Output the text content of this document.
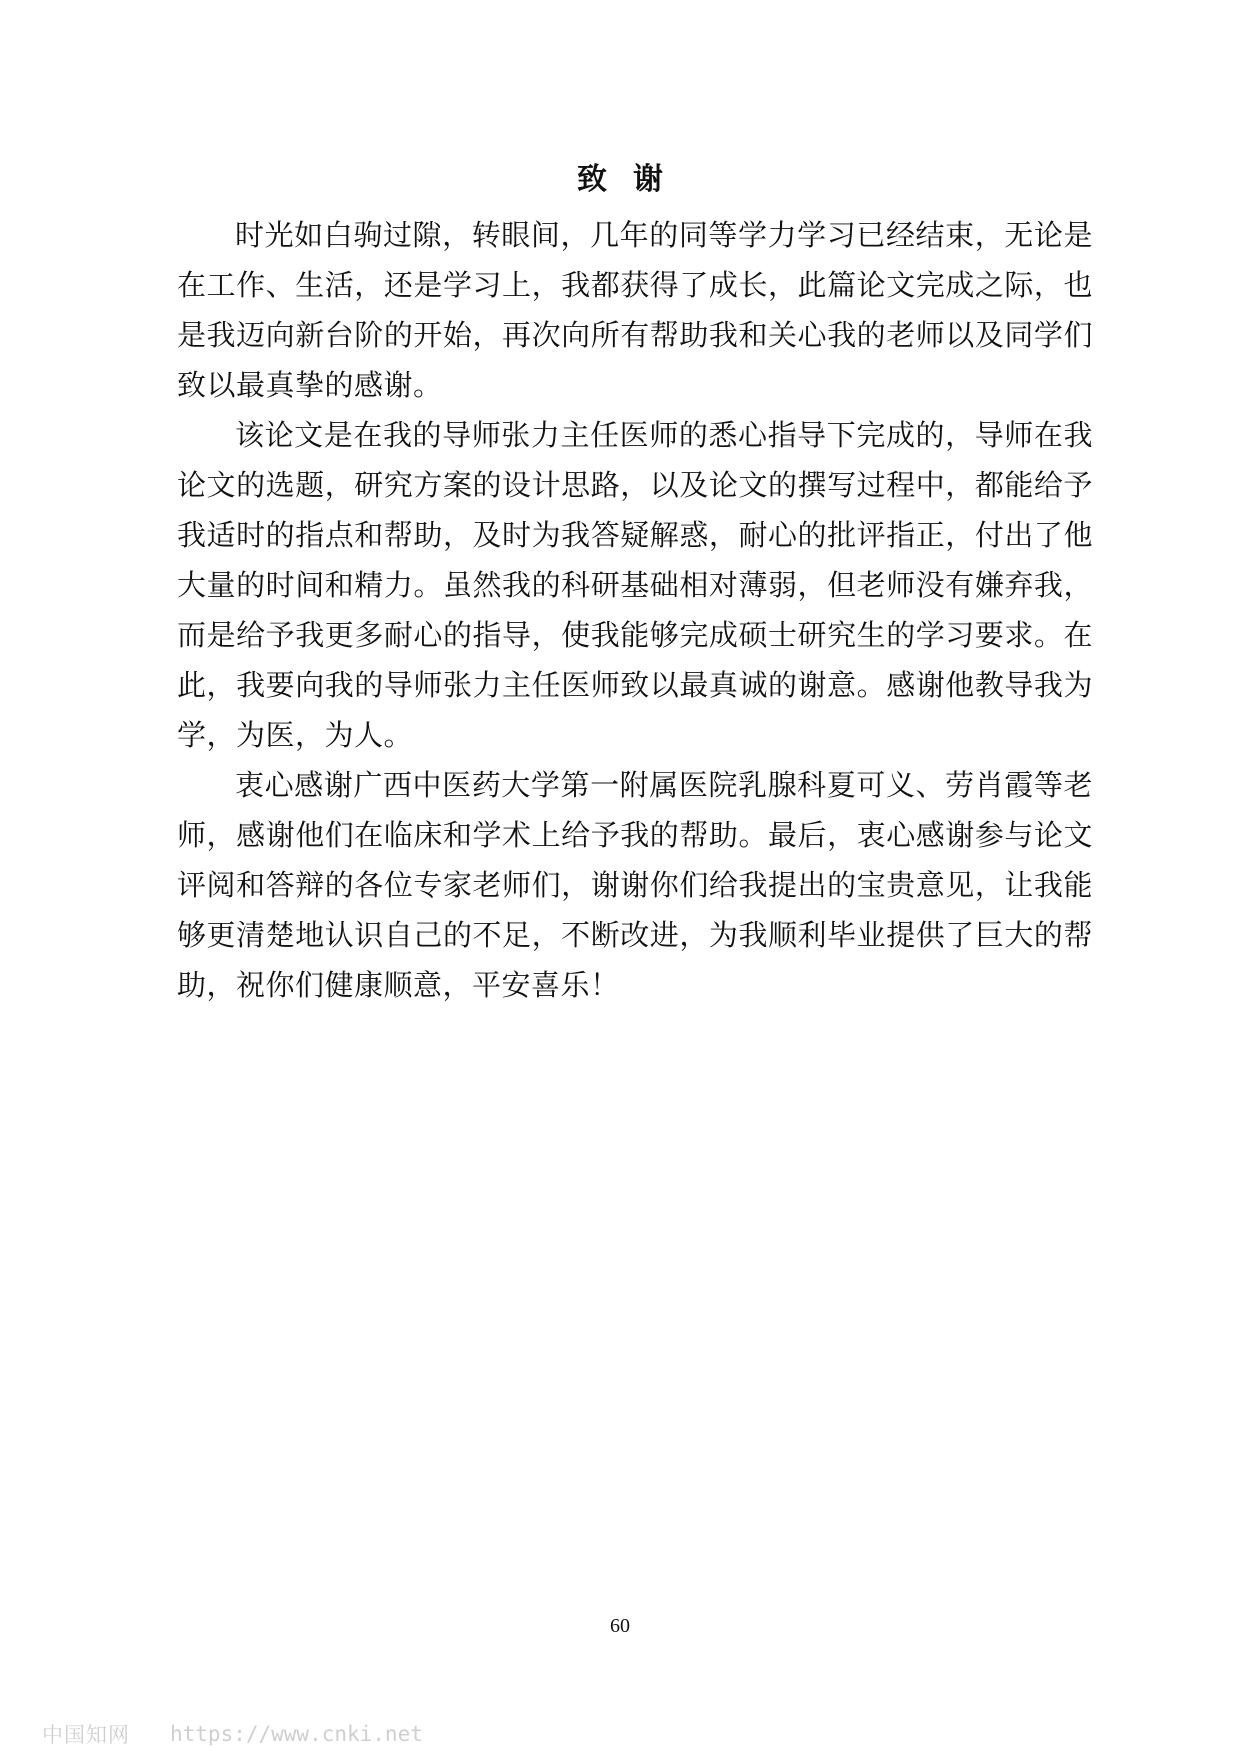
致谢

时光如白驹过隙，转眼间，几年的同等学力学习已经结束，无论是在工作、生活，还是学习上，我都获得了成长，此篇论文完成之际，也是我迈向新台阶的开始，再次向所有帮助我和关心我的老师以及同学们致以最真挚的感谢。

该论文是在我的导师张力主任医师的悉心指导下完成的，导师在我论文的选题，研究方案的设计思路，以及论文的撰写过程中，都能给予我适时的指点和帮助，及时为我答疑解惑，耐心的批评指正，付出了他大量的时间和精力。虽然我的科研基础相对薄弱，但老师没有嫌弃我，而是给予我更多耐心的指导，使我能够完成硕士研究生的学习要求。在此，我要向我的导师张力主任医师致以最真诚的谢意。感谢他教导我为学，为医，为人。

衷心感谢广西中医药大学第一附属医院乳腺科夏可义、劳肖霞等老师，感谢他们在临床和学术上给予我的帮助。最后，衷心感谢参与论文评阅和答辩的各位专家老师们，谢谢你们给我提出的宝贵意见，让我能够更清楚地认识自己的不足，不断改进，为我顺利毕业提供了巨大的帮助，祝你们健康顺意，平安喜乐！

60
中国知网 https://www.cnki.net
